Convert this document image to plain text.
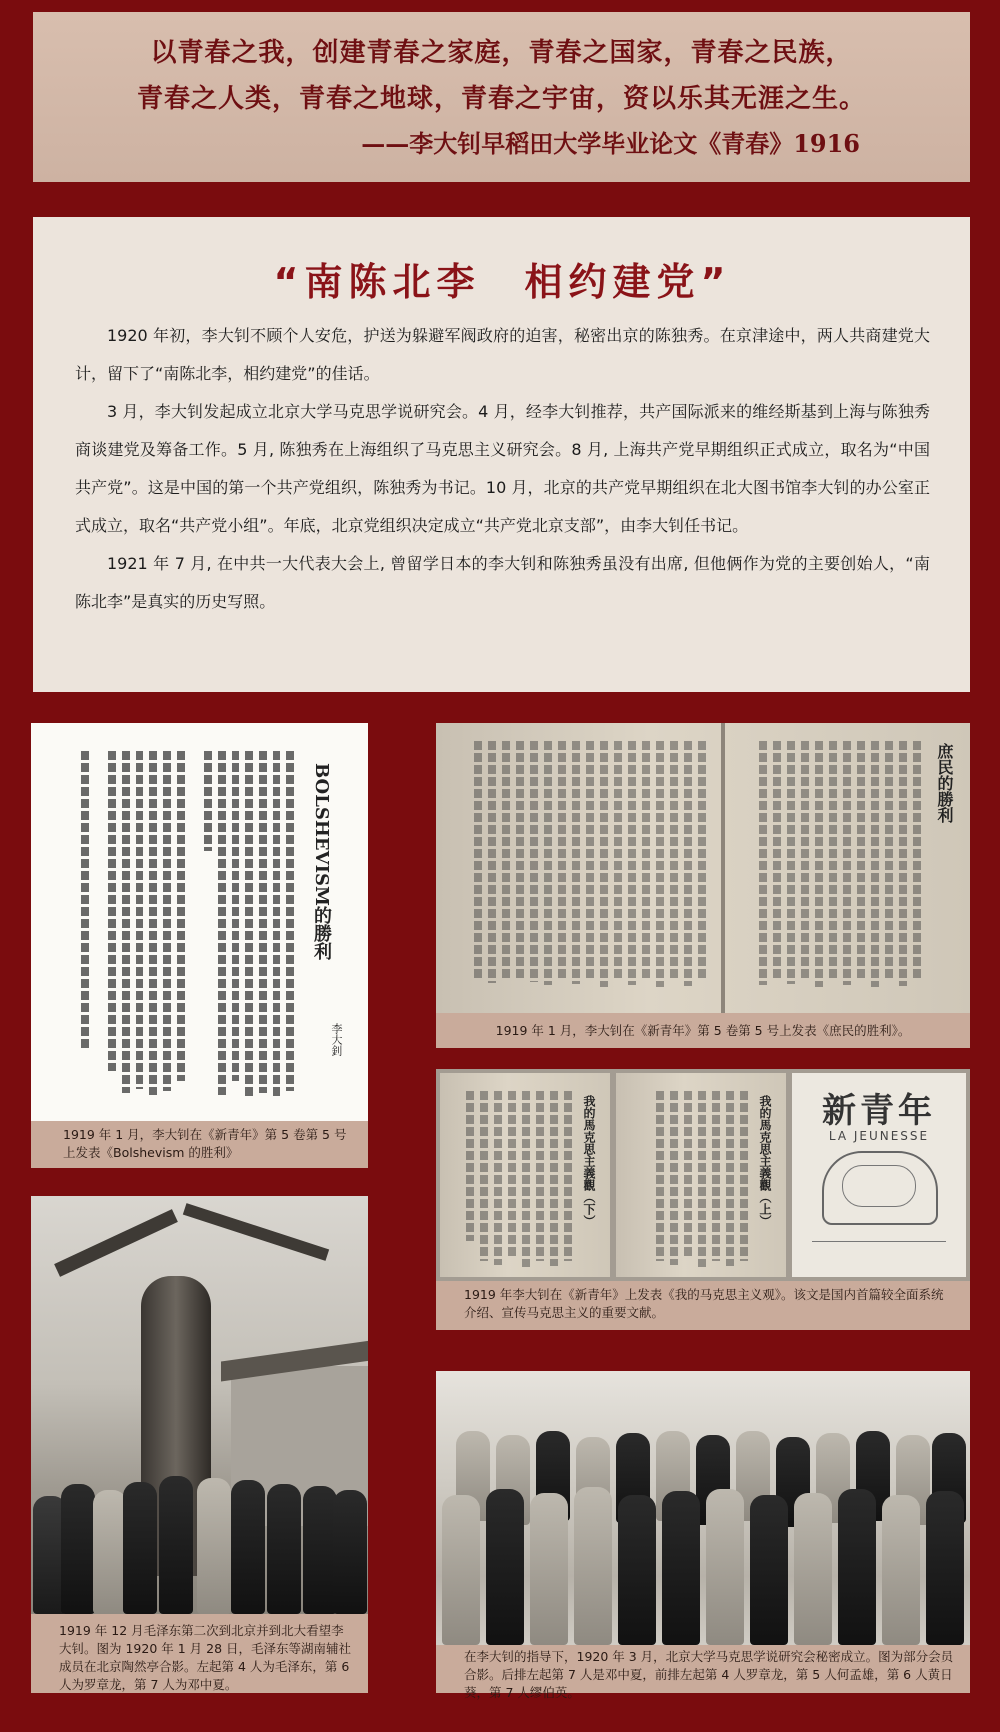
以青春之我，创建青春之家庭，青春之国家，青春之民族，
青春之人类，青春之地球，青春之宇宙，资以乐其无涯之生。
——李大钊早稻田大学毕业论文《青春》1916
“南陈北李　相约建党”

1920 年初，李大钊不顾个人安危，护送为躲避军阀政府的迫害，秘密出京的陈独秀。在京津途中，两人共商建党大计，留下了“南陈北李，相约建党”的佳话。

3 月，李大钊发起成立北京大学马克思学说研究会。4 月，经李大钊推荐，共产国际派来的维经斯基到上海与陈独秀商谈建党及筹备工作。5 月, 陈独秀在上海组织了马克思主义研究会。8 月, 上海共产党早期组织正式成立，取名为“中国共产党”。这是中国的第一个共产党组织，陈独秀为书记。10 月，北京的共产党早期组织在北大图书馆李大钊的办公室正式成立，取名“共产党小组”。年底，北京党组织决定成立“共产党北京支部”，由李大钊任书记。

1921 年 7 月, 在中共一大代表大会上, 曾留学日本的李大钊和陈独秀虽没有出席, 但他俩作为党的主要创始人，“南陈北李”是真实的历史写照。

BOLSHEVISM的勝利
李大釗
1919 年 1 月，李大钊在《新青年》第 5 卷第 5 号上发表《Bolshevism 的胜利》
庶民的勝利
1919 年 1 月，李大钊在《新青年》第 5 卷第 5 号上发表《庶民的胜利》。
我的馬克思主義觀（下）	我的馬克思主義觀（上）	新青年
LA JEUNESSE
1919 年李大钊在《新青年》上发表《我的马克思主义观》。该文是国内首篇较全面系统介绍、宣传马克思主义的重要文献。
1919 年 12 月毛泽东第二次到北京并到北大看望李大钊。图为 1920 年 1 月 28 日，毛泽东等湖南辅社成员在北京陶然亭合影。左起第 4 人为毛泽东，第 6 人为罗章龙，第 7 人为邓中夏。
在李大钊的指导下，1920 年 3 月，北京大学马克思学说研究会秘密成立。图为部分会员合影。后排左起第 7 人是邓中夏，前排左起第 4 人罗章龙，第 5 人何孟雄，第 6 人黄日葵，第 7 人缪伯英。
